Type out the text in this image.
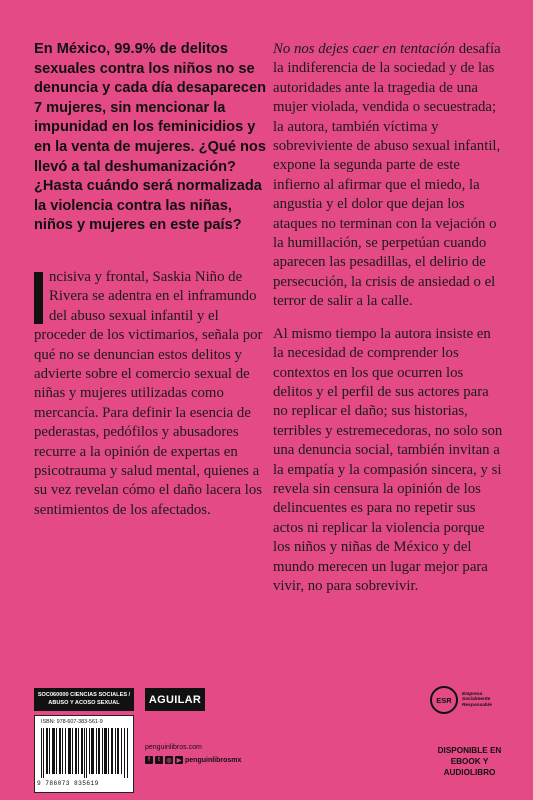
En México, 99.9% de delitos sexuales contra los niños no se denuncia y cada día desaparecen 7 mujeres, sin mencionar la impunidad en los feminicidios y en la venta de mujeres. ¿Qué nos llevó a tal deshumanización? ¿Hasta cuándo será normalizada la violencia contra las niñas, niños y mujeres en este país?

ncisiva y frontal, Saskia Niño de Rivera se adentra en el inframundo del abuso sexual infantil y el proceder de los victimarios, señala por qué no se denuncian estos delitos y advierte sobre el comercio sexual de niñas y mujeres utilizadas como mercancía. Para definir la esencia de pederastas, pedófilos y abusadores recurre a la opinión de expertas en psicotrauma y salud mental, quienes a su vez revelan cómo el daño lacera los sentimientos de los afectados.

No nos dejes caer en tentación desafía la indiferencia de la sociedad y de las autoridades ante la tragedia de una mujer violada, vendida o secuestrada; la autora, también víctima y sobreviviente de abuso sexual infantil, expone la segunda parte de este infierno al afirmar que el miedo, la angustia y el dolor que dejan los ataques no terminan con la vejación o la humillación, se perpetúan cuando aparecen las pesadillas, el delirio de persecución, la crisis de ansiedad o el terror de salir a la calle.

Al mismo tiempo la autora insiste en la necesidad de comprender los contextos en los que ocurren los delitos y el perfil de sus actores para no replicar el daño; sus historias, terribles y estremecedoras, no solo son una denuncia social, también invitan a la empatía y la compasión sincera, y si revela sin censura la opinión de los delincuentes es para no repetir sus actos ni replicar la violencia porque los niños y niñas de México y del mundo merecen un lugar mejor para vivir, no para sobrevivir.

SOC060000 CIENCIAS SOCIALES /
ABUSO Y ACOSO SEXUAL
ISBN: 978-607-383-561-9
9 786073 835619
AGUILAR
penguinlibros.com
f	t	◎ ▶ penguinlibrosmx
ESR
Empresa
Socialmente
Responsable
DISPONIBLE EN
EBOOK Y AUDIOLIBRO
